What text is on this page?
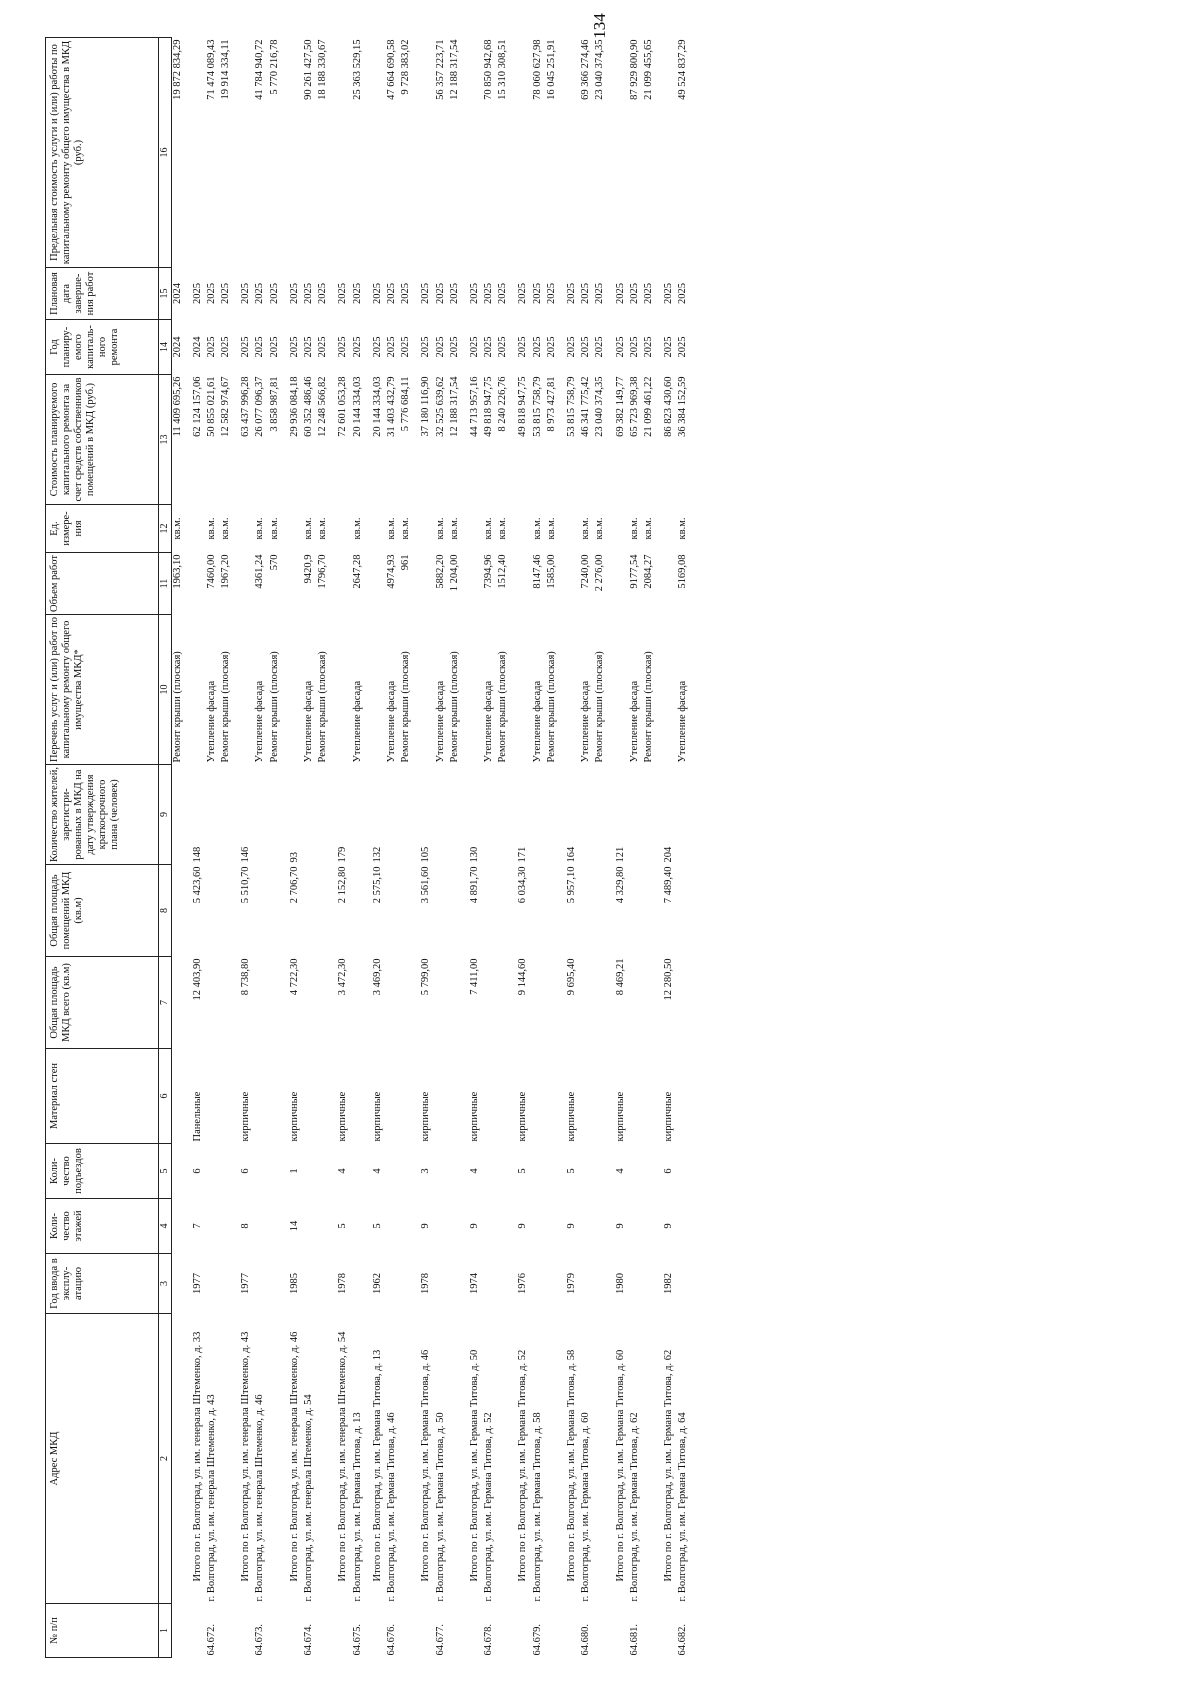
134
№ п/п	Адрес МКД	Год ввода в эксплу-атацию	Коли-чество этажей	Коли-чество подъездов	Материал стен	Общая площадь МКД всего (кв.м)	Общая площадь помещений МКД (кв.м)	Количество жителей, зарегистри-рованных в МКД на дату утверждения краткосрочного плана (человек)	Перечень услуг и (или) работ по капитальному ремонту общего имущества МКД*	Объем работ	Ед. измере-ния	Стоимость планируемого капитального ремонта за счет средств собственников помещений в МКД (руб.)	Год планиру-емого капиталь-ного ремонта	Плановая дата заверше-ния работ	Предельная стоимость услуги и (или) работы по капитальному ремонту общего имущества в МКД (руб.)
1	2	3	4	5	6	7	8	9	10	11	12	13	14	15	16
									Ремонт крыши (плоская)	1963,10	кв.м.	11 409 695,26	2024	2024	19 872 834,29
	Итого по г. Волгоград, ул. им. генерала Штеменко, д. 33	1977	7	6	Панельные	12 403,90	5 423,60	148				62 124 157,06	2024	2025	
64.672.	г. Волгоград, ул. им. генерала Штеменко, д. 43								Утепление фасада	7460,00	кв.м.	50 855 021,61	2025	2025	71 474 089,43
									Ремонт крыши (плоская)	1967,20	кв.м.	12 582 974,67	2025	2025	19 914 334,11
	Итого по г. Волгоград, ул. им. генерала Штеменко, д. 43	1977	8	6	кирпичные	8 738,80	5 510,70	146				63 437 996,28	2025	2025	
64.673.	г. Волгоград, ул. им. генерала Штеменко, д. 46								Утепление фасада	4361,24	кв.м.	26 077 096,37	2025	2025	41 784 940,72
									Ремонт крыши (плоская)	570	кв.м.	3 858 987,81	2025	2025	5 770 216,78
	Итого по г. Волгоград, ул. им. генерала Штеменко, д. 46	1985	14	1	кирпичные	4 722,30	2 706,70	93				29 936 084,18	2025	2025	
64.674.	г. Волгоград, ул. им. генерала Штеменко, д. 54								Утепление фасада	9420,9	кв.м.	60 352 486,46	2025	2025	90 261 427,50
									Ремонт крыши (плоская)	1796,70	кв.м.	12 248 566,82	2025	2025	18 188 330,67
	Итого по г. Волгоград, ул. им. генерала Штеменко, д. 54	1978	5	4	кирпичные	3 472,30	2 152,80	179				72 601 053,28	2025	2025	
64.675.	г. Волгоград, ул. им. Германа Титова, д. 13								Утепление фасада	2647,28	кв.м.	20 144 334,03	2025	2025	25 363 529,15
	Итого по г. Волгоград, ул. им. Германа Титова, д. 13	1962	5	4	кирпичные	3 469,20	2 575,10	132				20 144 334,03	2025	2025	
64.676.	г. Волгоград, ул. им. Германа Титова, д. 46								Утепление фасада	4974,93	кв.м.	31 403 432,79	2025	2025	47 664 690,58
									Ремонт крыши (плоская)	961	кв.м.	5 776 684,11	2025	2025	9 728 383,02
	Итого по г. Волгоград, ул. им. Германа Титова, д. 46	1978	9	3	кирпичные	5 799,00	3 561,60	105				37 180 116,90	2025	2025	
64.677.	г. Волгоград, ул. им. Германа Титова, д. 50								Утепление фасада	5882,20	кв.м.	32 525 639,62	2025	2025	56 357 223,71
									Ремонт крыши (плоская)	1 204,00	кв.м.	12 188 317,54	2025	2025	12 188 317,54
	Итого по г. Волгоград, ул. им. Германа Титова, д. 50	1974	9	4	кирпичные	7 411,00	4 891,70	130				44 713 957,16	2025	2025	
64.678.	г. Волгоград, ул. им. Германа Титова, д. 52								Утепление фасада	7394,96	кв.м.	49 818 947,75	2025	2025	70 850 942,68
									Ремонт крыши (плоская)	1512,40	кв.м.	8 240 226,76	2025	2025	15 310 308,51
	Итого по г. Волгоград, ул. им. Германа Титова, д. 52	1976	9	5	кирпичные	9 144,60	6 034,30	171				49 818 947,75	2025	2025	
64.679.	г. Волгоград, ул. им. Германа Титова, д. 58								Утепление фасада	8147,46	кв.м.	53 815 758,79	2025	2025	78 060 627,98
									Ремонт крыши (плоская)	1585,00	кв.м.	8 973 427,81	2025	2025	16 045 251,91
	Итого по г. Волгоград, ул. им. Германа Титова, д. 58	1979	9	5	кирпичные	9 695,40	5 957,10	164				53 815 758,79	2025	2025	
64.680.	г. Волгоград, ул. им. Германа Титова, д. 60								Утепление фасада	7240,00	кв.м.	46 341 775,42	2025	2025	69 366 274,46
									Ремонт крыши (плоская)	2 276,00	кв.м.	23 040 374,35	2025	2025	23 040 374,35
	Итого по г. Волгоград, ул. им. Германа Титова, д. 60	1980	9	4	кирпичные	8 469,21	4 329,80	121				69 382 149,77	2025	2025	
64.681.	г. Волгоград, ул. им. Германа Титова, д. 62								Утепление фасада	9177,54	кв.м.	65 723 969,38	2025	2025	87 929 800,90
									Ремонт крыши (плоская)	2084,27	кв.м.	21 099 461,22	2025	2025	21 099 455,65
	Итого по г. Волгоград, ул. им. Германа Титова, д. 62	1982	9	6	кирпичные	12 280,50	7 489,40	204				86 823 430,60	2025	2025	
64.682.	г. Волгоград, ул. им. Германа Титова, д. 64								Утепление фасада	5169,08	кв.м.	36 384 152,59	2025	2025	49 524 837,29
